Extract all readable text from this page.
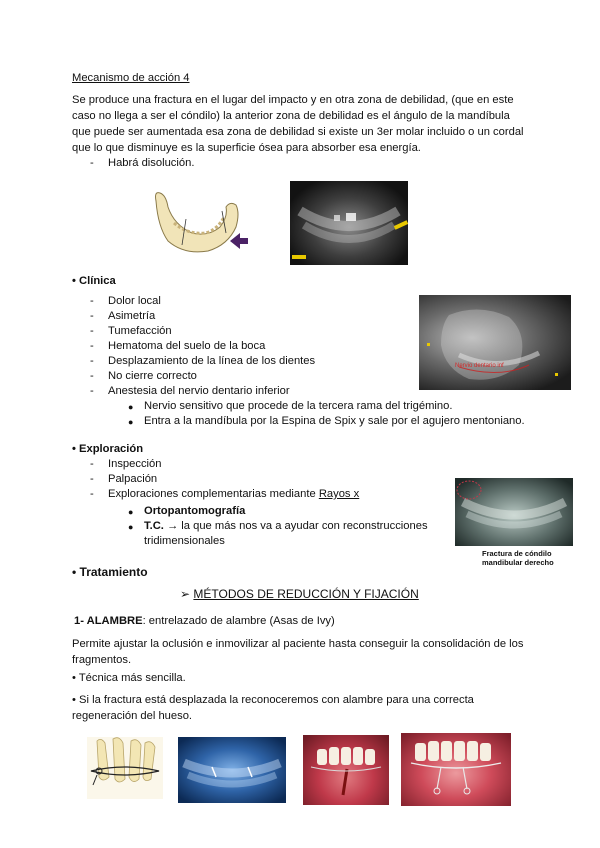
Mecanismo de acción 4
Se produce una fractura en el lugar del impacto y en otra zona de debilidad, (que en este
caso no llega a ser el cóndilo) la anterior zona de debilidad es el ángulo de la mandíbula
que puede ser aumentada esa zona de debilidad si existe un 3er molar incluido o un cordal
que lo que disminuye es la superficie ósea para absorber esa energía.
- Habrá disolución.
• Clínica
- Dolor local
- Asimetría
- Tumefacción
- Hematoma del suelo de la boca
- Desplazamiento de la línea de los dientes
- No cierre correcto
- Anestesia del nervio dentario inferior
● Nervio sensitivo que procede de la tercera rama del trigémino.
● Entra a la mandíbula por la Espina de Spix y sale por el agujero mentoniano.
Nervio dentario inf
• Exploración
- Inspección
- Palpación
- Exploraciones complementarias mediante Rayos x
● Ortopantomografía
● T.C. → la que más nos va a ayudar con reconstrucciones
tridimensionales
Fractura de cóndilo
mandibular derecho
• Tratamiento
➢ MÉTODOS DE REDUCCIÓN Y FIJACIÓN
1- ALAMBRE: entrelazado de alambre (Asas de Ivy)
Permite ajustar la oclusión e inmovilizar al paciente hasta conseguir la consolidación de los
fragmentos.
• Técnica más sencilla.
• Si la fractura está desplazada la reconoceremos con alambre para una correcta
regeneración del hueso.
